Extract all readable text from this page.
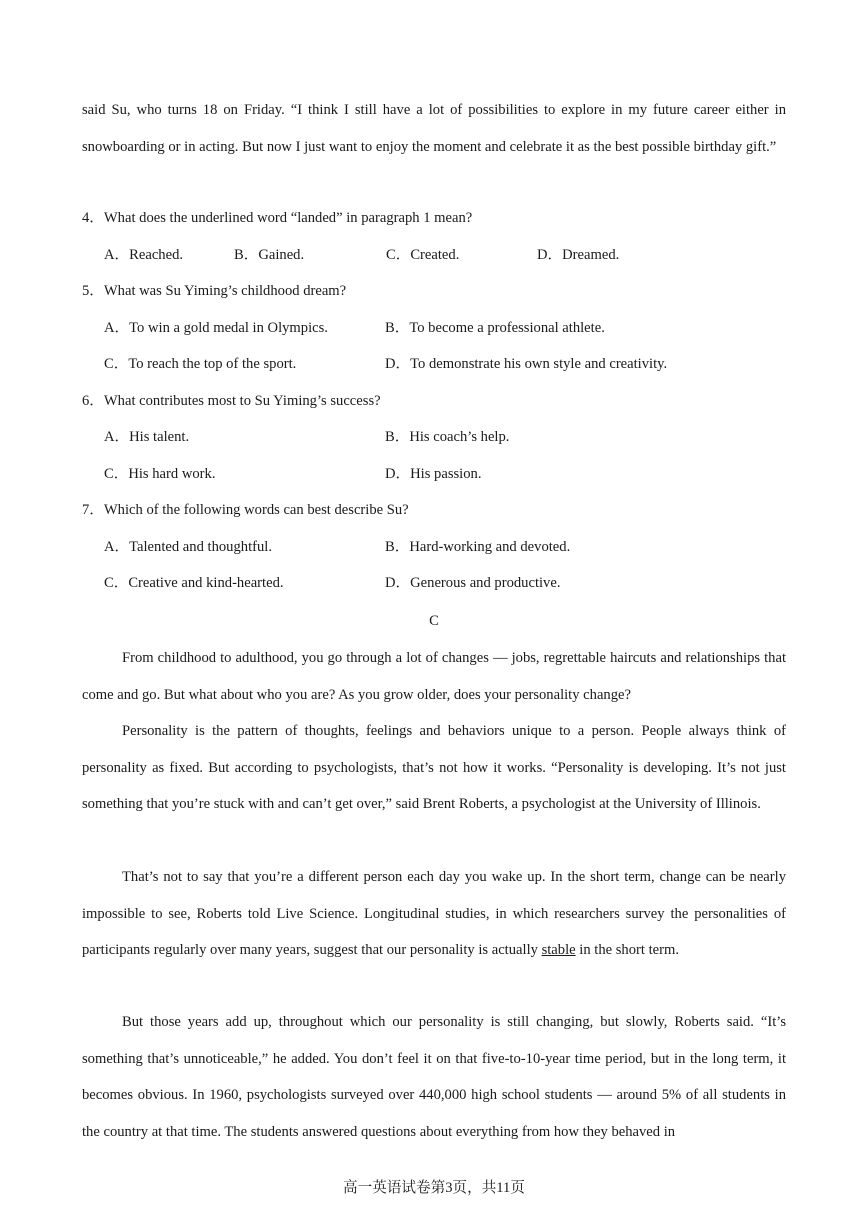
said Su, who turns 18 on Friday. “I think I still have a lot of possibilities to explore in my future career either in snowboarding or in acting. But now I just want to enjoy the moment and celebrate it as the best possible birthday gift.”

4．What does the underlined word “landed” in paragraph 1 mean?
A．Reached.	B．Gained.	C．Created.	D．Dreamed.
5．What was Su Yiming’s childhood dream?
A．To win a gold medal in Olympics.	B．To become a professional athlete.
C．To reach the top of the sport.	D．To demonstrate his own style and creativity.
6．What contributes most to Su Yiming’s success?
A．His talent.	B．His coach’s help.
C．His hard work.	D．His passion.
7．Which of the following words can best describe Su?
A．Talented and thoughtful.	B．Hard-working and devoted.
C．Creative and kind-hearted.	D．Generous and productive.
C

From childhood to adulthood, you go through a lot of changes — jobs, regrettable haircuts and relationships that come and go. But what about who you are? As you grow older, does your personality change?

Personality is the pattern of thoughts, feelings and behaviors unique to a person. People always think of personality as fixed. But according to psychologists, that’s not how it works. “Personality is developing. It’s not just something that you’re stuck with and can’t get over,” said Brent Roberts, a psychologist at the University of Illinois.

That’s not to say that you’re a different person each day you wake up. In the short term, change can be nearly impossible to see, Roberts told Live Science. Longitudinal studies, in which researchers survey the personalities of participants regularly over many years, suggest that our personality is actually stable in the short term.

But those years add up, throughout which our personality is still changing, but slowly, Roberts said. “It’s something that’s unnoticeable,” he added. You don’t feel it on that five-to-10-year time period, but in the long term, it becomes obvious. In 1960, psychologists surveyed over 440,000 high school students — around 5% of all students in the country at that time. The students answered questions about everything from how they behaved in

高一英语试卷第3页，共11页
